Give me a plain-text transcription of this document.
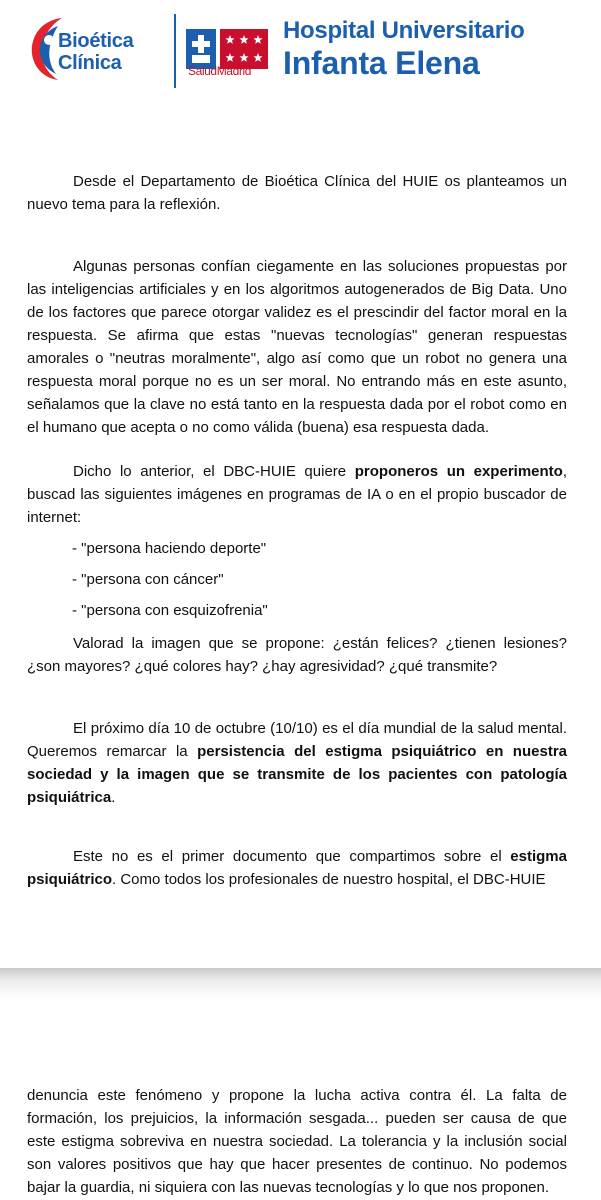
Bioética
Clínica	SaludMadrid
Hospital Universitario
Infanta Elena

Desde el Departamento de Bioética Clínica del HUIE os planteamos un nuevo tema para la reflexión.

Algunas personas confían ciegamente en las soluciones propuestas por las inteligencias artificiales y en los algoritmos autogenerados de Big Data. Uno de los factores que parece otorgar validez es el prescindir del factor moral en la respuesta. Se afirma que estas "nuevas tecnologías" generan respuestas amorales o "neutras moralmente", algo así como que un robot no genera una respuesta moral porque no es un ser moral. No entrando más en este asunto, señalamos que la clave no está tanto en la respuesta dada por el robot como en el humano que acepta o no como válida (buena) esa respuesta dada.

Dicho lo anterior, el DBC-HUIE quiere proponeros un experimento, buscad las siguientes imágenes en programas de IA o en el propio buscador de internet:

- "persona haciendo deporte"

- "persona con cáncer"

- "persona con esquizofrenia"

Valorad la imagen que se propone: ¿están felices? ¿tienen lesiones? ¿son mayores? ¿qué colores hay? ¿hay agresividad? ¿qué transmite?

El próximo día 10 de octubre (10/10) es el día mundial de la salud mental. Queremos remarcar la persistencia del estigma psiquiátrico en nuestra sociedad y la imagen que se transmite de los pacientes con patología psiquiátrica.

Este no es el primer documento que compartimos sobre el estigma psiquiátrico. Como todos los profesionales de nuestro hospital, el DBC-HUIE

denuncia este fenómeno y propone la lucha activa contra él. La falta de formación, los prejuicios, la información sesgada... pueden ser causa de que este estigma sobreviva en nuestra sociedad. La tolerancia y la inclusión social son valores positivos que hay que hacer presentes de continuo. No podemos bajar la guardia, ni siquiera con las nuevas tecnologías y lo que nos proponen.
